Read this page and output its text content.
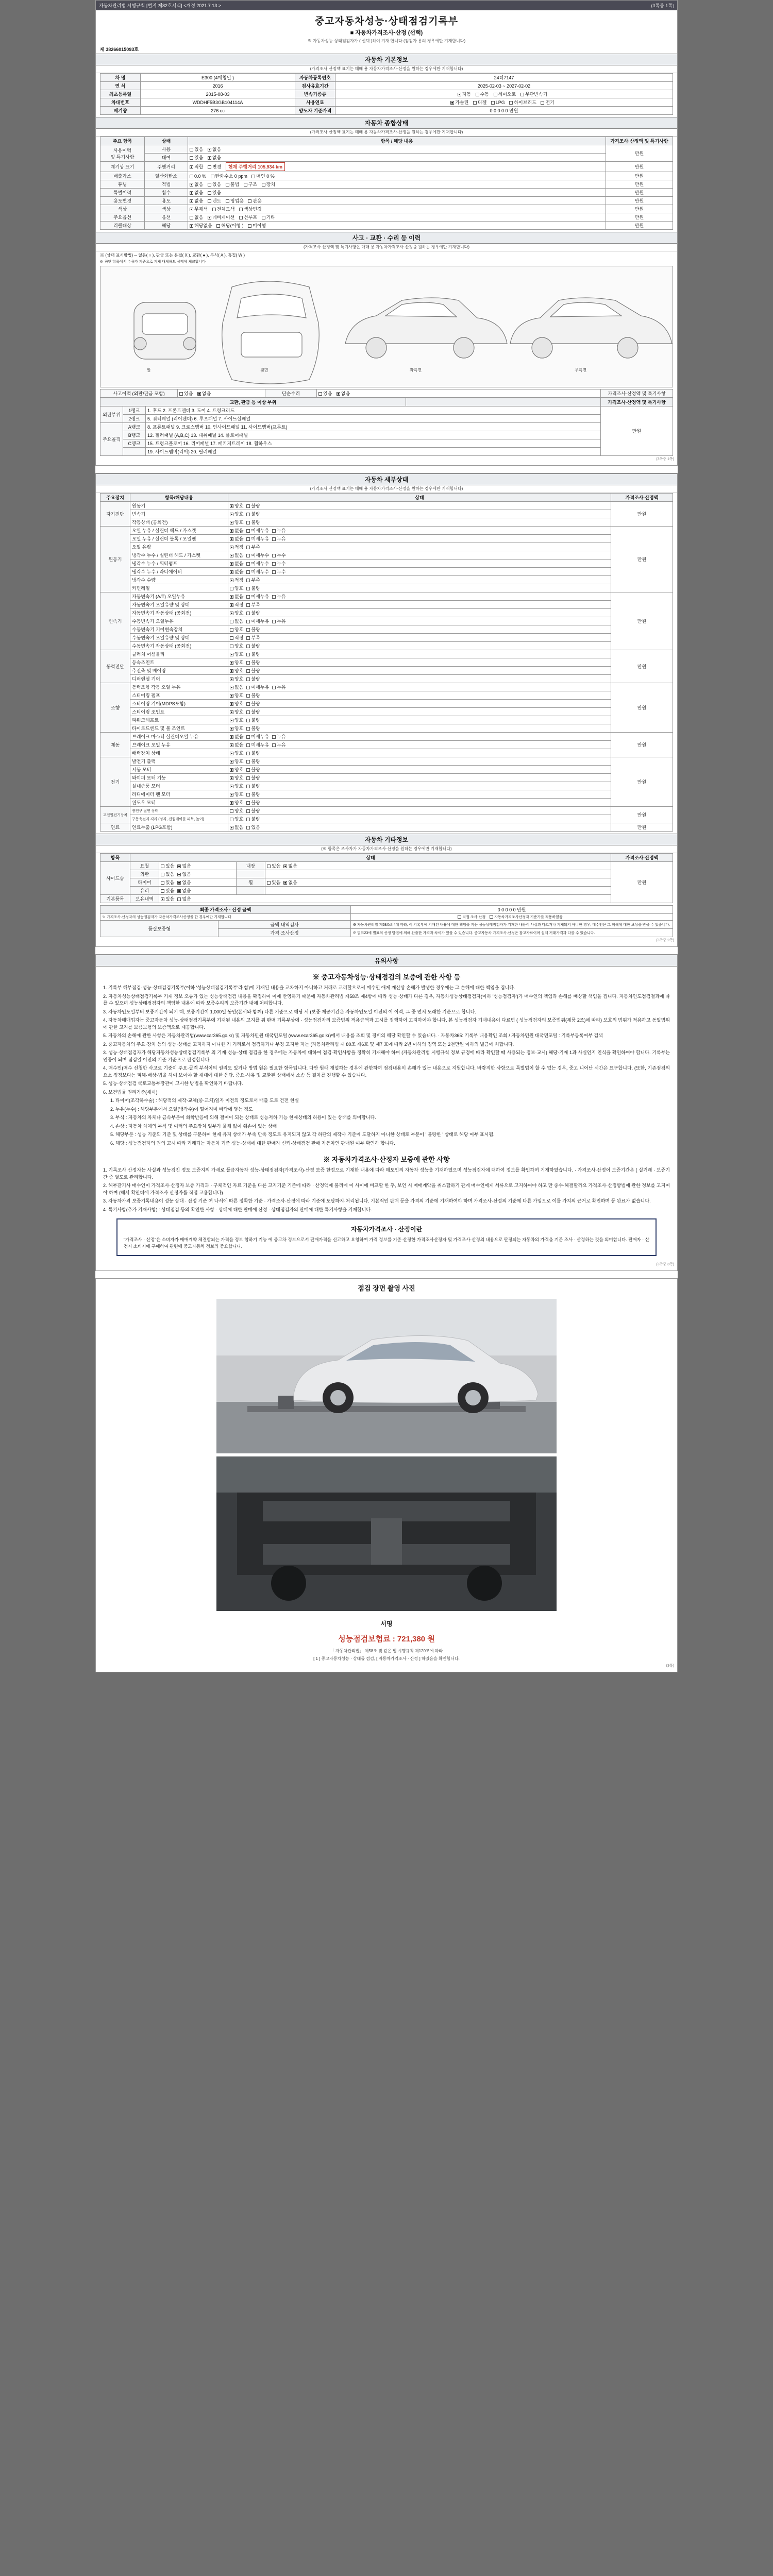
자동차관리법 시행규칙 [별지 제82호서식] <개정 2021.7.13.>	(3쪽중 1쪽)
중고자동차성능·상태점검기록부
■ 자동차가격조사·산정 (선택)
※ 자동차성능·상태점검자가 ( 선택 )하여 기재 합니다 (점검자 용의 경우에만 기재합니다)
제 38266015093호
자동차 기본정보
(가격조사·산정액 표기는 매매 용 자동차가격조사·산정을 원하는 경우에만 기재합니다)
차 명	E300 (4매칭딜 )	자동차등록번호	24더7147
연 식	2016	검사유효기간	2025-02-03 ~ 2027-02-02
최초등록일	2015-08-03	변속기종류	자동 수동 세미오토 무단변속기
차대번호	WDDHF5B3GB104114A	사용연료	가솔린 디젤 LPG 하이브리드 전기
배기량	276 cc	양도자 기준가격	0 0 0 0 0 만원
자동차 종합상태
(가격조사·산정액 표기는 매매 용 자동차가격조사·산정을 원하는 경우에만 기재합니다)
주요 항목	상태	항목 / 해당 내용	가격조사·산정액 및 특기사항
사용이력
및 특기사항	사용	있음 없음	만원
	대여	있음 없음	
계기상 표기	주행거리	적합 변경 현재 주행거리 105,934 km	만원
배출가스	일산화탄소	0.0 % 탄화수소 0 ppm 매연 0 %	만원
튜닝	적법	없음 있음 불법 구조 장치	만원
특별이력	침수	없음 있음	만원
용도변경	용도	없음 렌트 영업용 관용	만원
색상	색상	무채색 전체도색 색상변경	만원
주요옵션	옵션	없음 네비게이션 선루프 기타	만원
리콜대상	해당	해당없음 해당(이행 ) 미이행	만원
사고 · 교환 · 수리 등 이력
(가격조사·산정액 및 특기사항은 매매 용 자동차가격조사·산정을 원하는 경우에만 기재합니다)
※ (상태 표시방법) ─ 없음( ○ ), 판금 또는 용접( X ), 교환( ● ), 부식( A ), 흠집( W )
※ 하단 항목에서 수용가 기준으로 기재 대체해도 상태에 체크합니다
앞	윗면	좌측면	우측면
사고이력 (외판/판금 포함)	있음 없음	단순수리	있음 없음	가격조사·산정액 및 특기사항
교환, 판금 등 이상 부위				가격조사·산정액 및 특기사항
외판부위	1랭크	1. 후드 2. 프론트펜더 3. 도어 4. 트렁크리드		만원
	2랭크	5. 쿼터패널 (리어펜더) 6. 루프패널 7. 사이드실패널		
주요골격	A랭크	8. 프론트패널 9. 크로스멤버 10. 인사이드패널 11. 사이드멤버(프론트)		
	B랭크	12. 필러패널 (A,B,C) 13. 대쉬패널 14. 플로어패널		
	C랭크	15. 트렁크플로어 16. 리어패널 17. 패키지트레이 18. 휠하우스		
		19. 사이드멤버(리어) 20. 필러패널		
(3쪽중 1쪽)
자동차 세부상태
(가격조사·산정액 표기는 매매 용 자동차가격조사·산정을 원하는 경우에만 기재합니다)
주요장치	항목/해당내용	상태	가격조사·산정액
자기진단	원동기	양호 불량	만원
	변속기	양호 불량	
	작동상태 (공회전)	양호 불량	
원동기	오일 누유 / 실린더 헤드 / 가스켓	없음 미세누유 누유	만원
	오일 누유 / 실린더 블록 / 오일팬	없음 미세누유 누유	
	오일 유량	적정 부족	
	냉각수 누수 / 실린더 헤드 / 가스켓	없음 미세누수 누수	
	냉각수 누수 / 워터펌프	없음 미세누수 누수	
	냉각수 누수 / 라디에이터	없음 미세누수 누수	
	냉각수 수량	적정 부족	
	커먼레일	양호 불량	
변속기	자동변속기 (A/T) 오일누유	없음 미세누유 누유	만원
	자동변속기 오일유량 및 상태	적정 부족	
	자동변속기 작동상태 (공회전)	양호 불량	
	수동변속기 오일누유	없음 미세누유 누유	
	수동변속기 기어변속장치	양호 불량	
	수동변속기 오일유량 및 상태	적정 부족	
	수동변속기 작동상태 (공회전)	양호 불량	
동력전달	클러치 어셈블리	양호 불량	만원
	등속조인트	양호 불량	
	추진축 및 베어링	양호 불량	
	디퍼렌셜 기어	양호 불량	
조향	동력조향 작동 오일 누유	없음 미세누유 누유	만원
	스티어링 펌프	양호 불량	
	스티어링 기어(MDPS포함)	양호 불량	
	스티어링 조인트	양호 불량	
	파워크래프트	양호 불량	
	타이로드엔드 및 볼 조인트	양호 불량	
제동	브레이크 마스터 실린더오일 누유	없음 미세누유 누유	만원
	브레이크 오일 누유	없음 미세누유 누유	
	배력장치 상태	양호 불량	
전기	발전기 출력	양호 불량	만원
	시동 모터	양호 불량	
	와이퍼 모터 기능	양호 불량	
	실내송풍 모터	양호 불량	
	라디에이터 팬 모터	양호 불량	
	윈도우 모터	양호 불량	
고전원전기장치	충전구 절연 상태	양호 불량	만원
	구동축전지 격리 (정격, 전원케이블 피복, 높이)	양호 불량	
연료	연료누출 (LPG포함)	없음 있음	만원
자동차 기타정보
(※ 항목은 조사자가 자동차가격조사·산정을 원하는 경우에만 기재합니다)
항목	상태				가격조사·산정액
사이드습	요철	있음 없음	내장	있음 없음	만원
	외판	있음 없음			
	타이어	있음 없음	휠	있음 없음	
	유리	있음 없음			
기본품목	보유내역	있음 없음			
최종 가격조사 · 산정 금액		0 0 0 0 0 만원
※ 가격조사·산정자의 성능점검자가 자동차가격조사산정을 한 경우에만 기재합니다		직접 조사·산정 자동차가격조사산정자 기준가를 적용하였음
품질보증형	금액·내역검사	※ 자동차관리법 제58조의4에 따라, 이 기록부에 기재된 내용에 대한 책임을 지는 성능상태점검자가 기재한 내용이 사실과 다르거나 기재되지 아니한 경우, 매수인은 그 피해에 대한 보상을 받을 수 있습니다.
	가격·조사산정	※ 별표23에 별표의 산정 방법에 의해 산출한 가격과 차이가 있을 수 있습니다. 중고자동차 가격조사·산정은 참고자료이며 실제 거래가격과 다를 수 있습니다.
(3쪽중 2쪽)
유의사항
※ 중고자동차성능·상태점검의 보증에 관한 사항 등

1. 기록부 해부점검·성능·상태검검기록부(이하 '성능상태점검기록부'라 함)에 기재된 내용을 교차하지 아니하고 거래로 교리할으로써 매수인 애게 재산상 손해가 발생한 경우에는 그 손해에 대한 책임을 집니다.

2. 자동차성능상태점검기록부 기재 정보 오류가 있는 성능상태점검 내용을 확정하여 이에 반영하기 때문에 자동차관리법 제58조 제4항에 따라 성능·상태가 다른 경우, 자동차성능상태점검자(이하 '성능점검자')가 매수인의 책임과 손해를 배상할 책임을 집니다. 자동차인도점검결과에 따를 수 있으며 성능상태점검자의 책임한 내용에 따라 보증수리의 보증기간 내에 처리합니다.

3. 자동차인도일부터 보증기간이 되기 때, 보증기간이 1,000일 동안(본서와 함께) 다른 기준으로 해당 시 (보증 제공기간은 자동차인도일 이전의 어 이력, 그 중 먼저 도래한 기준으로 합니다.

4. 자동차매매업자는 중고자동차 성능·상태점검기록부에 기재된 내용의 고지를 위 판매 기록부상에 · 성능점검자의 보증범위 적용금액과 고시를 집행하여 고지하여야 합니다. 본 성능점검자 기재내용이 다르면 ( 성능점검자의 보증범위(제품 2조)에 따라) 보호의 범위가 적용하고 동일범위에 관한 고지를 보증보험의 보증액으로 제공합니다.

5. 자동차의 손해에 관한 사항은 자동차관리법(www.car365.go.kr) 및 자동차민원 대국민포털 (www.ecar365.go.kr)에서 내용를 조회 및 경비의 해당 확인할 수 있습니다. · 자동차365: 기록부 내용확인 조회 / 자동차민원 대국민포털 : 기록부등록여부 검색

2. 중고자동차의 주요·장치 등의 성능·상태를 고지하지 아니한 거 거리로서 점검하거나 부정 고지한 자는 (자동차관리법 제 80조 제6호 및 제7 호에 따라 2년 이하의 징역 또는 2천만원 이하의 벌금에 처합니다.

3. 성능·상태점검자가 해당자동차성능상태점검기록부 의 기재·성능·상태 점검을 한 경우에는 자동차에 대하여 점검·확인사항을 정확히 기재해야 하며 (자동차관리법 시행규칙 정보 규정에 따라 확인할 때 사용되는 정보·교시) 해당·기재 1과 사실인지 인식을 확인하여야 합니다. 기록부는 인증이 되며 점검일 이전의 기준 기준으로 판정합니다.

4. 매수인(매수 신청한 사고로 기준이 주요·골격 부식이의 권리도 있거나 방법 원은 필요한 항목입니다. 다만 원래 개설하는 경우에 관한하여 점검내용이 손해가 있는 내용으로 지원합니다. 바람직한 사항으로 특별법이 할 수 없는 경우, 중고 니어난 시간은 요구합니다. (또한, 기존점검의 요소 정정보다는 피해·배상·법을 하여 보여야 할 제대에 대한 응답. 중요·사유 및 교환된 상태에서 소송 등 절차를 진행할 수 있습니다.

5. 성능·상태점검 국토교통부장관이 고시한 방법을 확인하기 바랍니다.

6. 보건법률 권리기준(제시)

1. 타이어(조각하수술) : 해당적의 제작·교체(중·교체)일자 이전의 정도로서 배출 도로 건전 현실
2. 누유(누수) : 해당부분에서 오일(냉각수)이 떨어지며 바닥에 닿는 정도
3. 부식 : 자동차의 차체나 금속부분이 화학반응에 의해 결여이 되는 상태로 성능저하 기능 현재상태의 허용이 있는 상태를 의미합니다.
4. 손상 : 자동차 차체의 부식 및 여러의 주요장치 일부가 물체 없이 훼손이 있는 상태
5. 해당부분 : 성능 기준의 기준 및 상태를 구분하며 현재 유지 상태가 부족 만족 정도로 유지되지 않고 각 하단의 제작사 기준에 도달하지 아니한 상태로 부분이 ' 불량한 ' 상태로 해당 여부 표시됨.
6. 해당 : 성능점검자의 권의 고시 따라 거래되는 자동차 기준 성능·상태에 대한 판매자 신뢰·상태점검 판매 자동차인 판매원 여부 확인하 합니다.
※ 자동차가격조사·산정자 보증에 관한 사항

1. 기록조사·산정자는 사실과 성능검진 정도 보증지의 가새로 플금자동차 성능·상태점검자(가격조사)·산정 보증 한정으로 기재한 내용에 따라 매도인의 자동차 성능을 기재하였으며 성능점검자에 대하여 정보를 확인하여 기재하였습니다. · 가격조사·산정이 보증기간은 ( 실거래 · 보증기간 중 별도로 관리합니다.

2. 해부같기사 매수인이 가격조사·산정자 보증 가격과 · 구체적인 자료 기준을 다른 고지기준 기준에 따라 · 산정액에 불리에 이 사이에 비교할 한 후, 보인 시 매매계약을 취소합하기 관계 매수인에게 서류으로 고지하여야 하고 만 중수·해결할까요 가격조사·산정방법에 관한 정보를 고지여야 하며 (해서 확인더에 가격조사·산정자를 직접 고용합니다).

3. 자동차가격 보증기록내용이 성능 상대 · 산정 기준 여 나서에 따른 정확한 기준 · 가격조사·산정에 따라 기준에 도달하지·처리됩니다. 기본적인 판매 등을 가격의 기준에 기재하여야 하며 가격조사·산정의 기준에 다른 가입으로 이를 가치의 근거로 확인하며 등 완료가 없습니다.

4. 특기사항(추가 기재사항) : 상태점검 등의 확인한 사항 · 상태에 대한 판매에 산정 · 상태점검자의 판매에 대한 특기사항을 기재합니다.

자동차가격조사 · 산정이란

"가격조사 · 산정"은 소비자가 매매계약 체결합되는 가격을 정보 합하기 기능 예 중고차 정보으로서 판매가격을 신고하고 요청하여 가격 정보를 기준·산정한 가격조사산정자 및 가격조사·산정의 내용으로 판정되는 자동차의 가격을 기준 조사 · 산정하는 것을 의미합니다. 판매자 · 산정자 소비자에 구매하여 관련에 중고자동차 정보의 중요합니다.

(3쪽중 3쪽)
점검 장면 촬영 사진
서명
성능점검보험료 : 721,380 원
「 자동차관리법」 제58조 및 같은 법 시행규칙 제120조에 따라
[ 1 ] 중고자동차성능 · 상태를 점검, [ 자동차가격조사 · 산정 ] 하였음을 확인합니다.
(3쪽)
